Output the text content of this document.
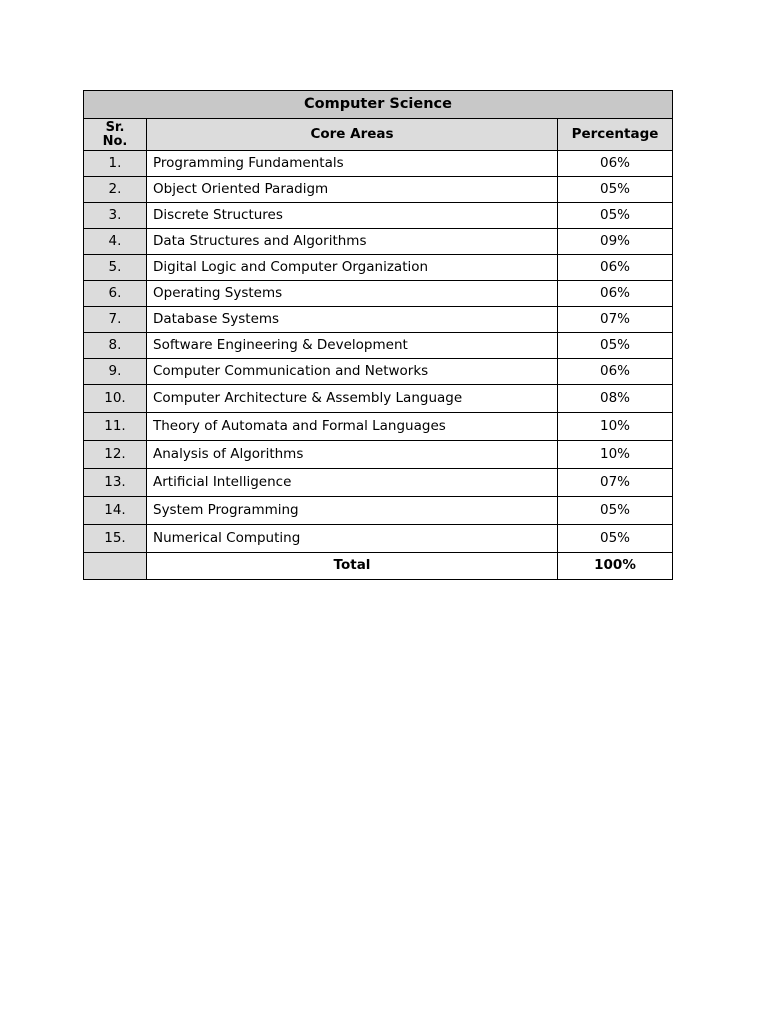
Computer Science		
Sr.
No.	Core Areas	Percentage
1.	Programming Fundamentals	06%
2.	Object Oriented Paradigm	05%
3.	Discrete Structures	05%
4.	Data Structures and Algorithms	09%
5.	Digital Logic and Computer Organization	06%
6.	Operating Systems	06%
7.	Database Systems	07%
8.	Software Engineering & Development	05%
9.	Computer Communication and Networks	06%
10.	Computer Architecture & Assembly Language	08%
11.	Theory of Automata and Formal Languages	10%
12.	Analysis of Algorithms	10%
13.	Artificial Intelligence	07%
14.	System Programming	05%
15.	Numerical Computing	05%
	Total	100%
